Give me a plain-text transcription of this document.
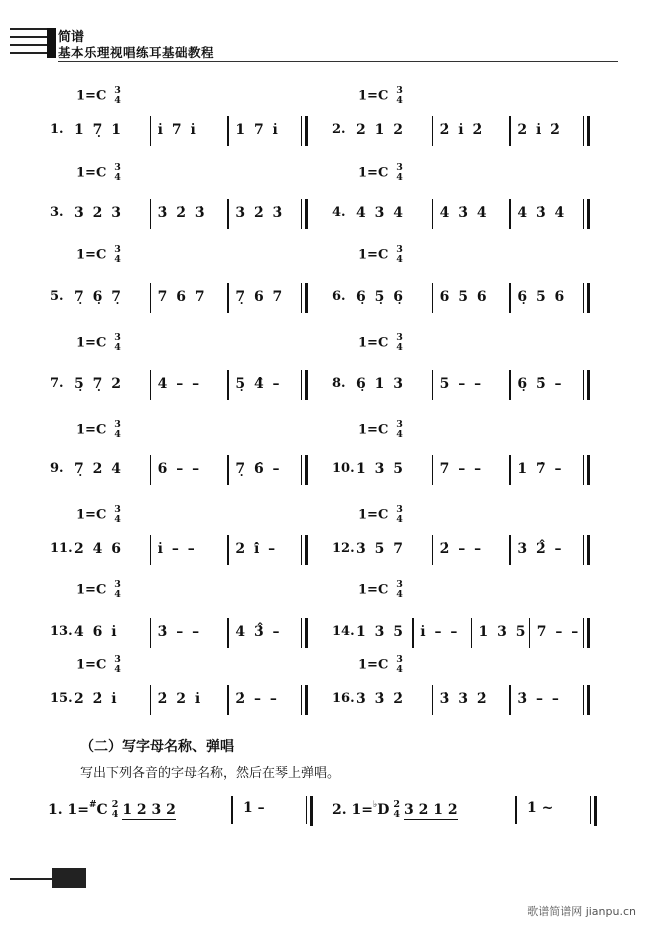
简谱
基本乐理视唱练耳基础教程
1=C 3
4
1. 1 7̣ 1 i̇ 7 i̇	1 7 i̇
1=C 3
4
2. 2 1 2 2̇ i̇ 2̇ 2 i̇ 2̇
1=C 3
4
3. 3 2 3 3̇ 2̇ 3̇ 3 2̇ 3̇
1=C 3
4
4. 4 3 4 4̇ 3̇ 4̇ 4 3̇ 4̇
1=C 3
4
5. 7̣ 6̣ 7̣ 7 6 7 7̣ 6 7
1=C 3
4
6. 6̣ 5̣ 6̣ 6 5 6 6̣ 5 6
1=C 3
4
7. 5̣ 7̣ 2 4 – – 5̣ 4̂ –
1=C 3
4
8. 6̣ 1 3 5 – – 6̣ 5̂ –
1=C 3
4
9. 7̣ 2 4 6 – – 7̣ 6̂ –
1=C 3
4
10. 1 3 5 7 – – 1 7̂ –
1=C 3
4
11. 2 4 6 i̇ – –	2 i̇̂ –
1=C 3
4
12. 3 5 7 2̇ – – 3 2̇̂ –
1=C 3
4
13. 4 6 i̇	3̇ – – 4 3̇̂ –
1=C 3
4
14. 1 3 5 i̇ – – 1 3 5 7 – –
1=C 3
4
15. 2 2̇ i̇	2̇ 2 i̇ 2̇ – –
1=C 3
4
16. 3 3̇ 2̇ 3̇ 3 2̇ 3̇ – –
（二）写字母名称、弹唱
写出下列各音的字母名称，然后在琴上弹唱。
1. 1=#C 2
4 1 2 3 2	1 –	2. 1=♭D 2
4 3 2 1 2	1 ~
歌谱简谱网 jianpu.cn
